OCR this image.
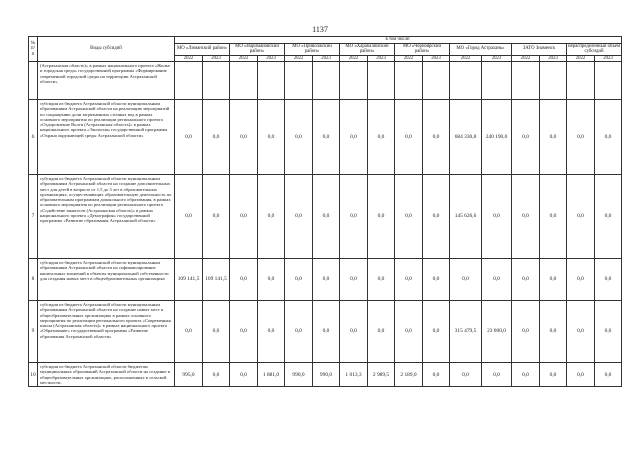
1137
№ п/п	Виды субсидий	в том числе:															
		МО «Лиманский район»		МО «Наримановский район»		МО «Приволжский район»		МО «Харабалинский район»		МО «Черноярский район»		МО «Город Астрахань»		ЗАТО Знаменск		нераспределенный объем субсидий	
		2022	2023	2022	2023	2022	2023	2022	2023	2022	2023	2022	2023	2022	2023	2022	2023
	(Астраханская область)» в рамках национального проекта «Жилье и городская среда» государственной программы «Формирование современной городской среды на территории Астраханской области»																
6	субсидия из бюджета Астраханской области муниципальным образованиям Астраханской области на реализацию мероприятий по сокращению доли загрязненных сточных вод в рамках основного мероприятия по реализации регионального проекта «Оздоровление Волги (Астраханская область)» в рамках национального проекта «Экология» государственной программы «Охрана окружающей среды Астраханской области»	0,0	0,0	0,0	0,0	0,0	0,0	0,0	0,0	0,0	0,0	684 330,8	240 190,0	0,0	0,0	0,0	0,0
7	субсидия из бюджета Астраханской области муниципальным образованиям Астраханской области на создание дополнительных мест для детей в возрасте от 1,5 до 3 лет в образовательных организациях, осуществляющих образовательную деятельность по образовательным программам дошкольного образования, в рамках основного мероприятия по реализации регионального проекта «Содействие занятости (Астраханская область)» в рамках национального проекта «Демография» государственной программы «Развитие образования Астраханской области»	0,0	0,0	0,0	0,0	0,0	0,0	0,0	0,0	0,0	0,0	145 626,6	0,0	0,0	0,0	0,0	0,0
8	субсидия из бюджета Астраханской области муниципальным образованиям Астраханской области на софинансирование капитальных вложений в объекты муниципальной собственности для создания новых мест в общеобразовательных организациях	109 141,5	109 141,5	0,0	0,0	0,0	0,0	0,0	0,0	0,0	0,0	0,0	0,0	0,0	0,0	0,0	0,0
9	субсидия из бюджета Астраханской области муниципальным образованиям Астраханской области на создание новых мест в общеобразовательных организациях в рамках основного мероприятия по реализации регионального проекта «Современная школа (Астраханская область)» в рамках национального проекта «Образование» государственной программы «Развитие образования Астраханской области»	0,0	0,0	0,0	0,0	0,0	0,0	0,0	0,0	0,0	0,0	315 479,5	23 000,0	0,0	0,0	0,0	0,0
10	субсидия из бюджета Астраханской области бюджетам муниципальных образований Астраханской области на создание в общеобразовательных организациях, расположенных в сельской местности,	995,0	0,0	0,0	1 881,0	990,0	990,0	1 013,3	2 989,5	2 189,0	0,0	0,0	0,0	0,0	0,0	0,0	0,0
